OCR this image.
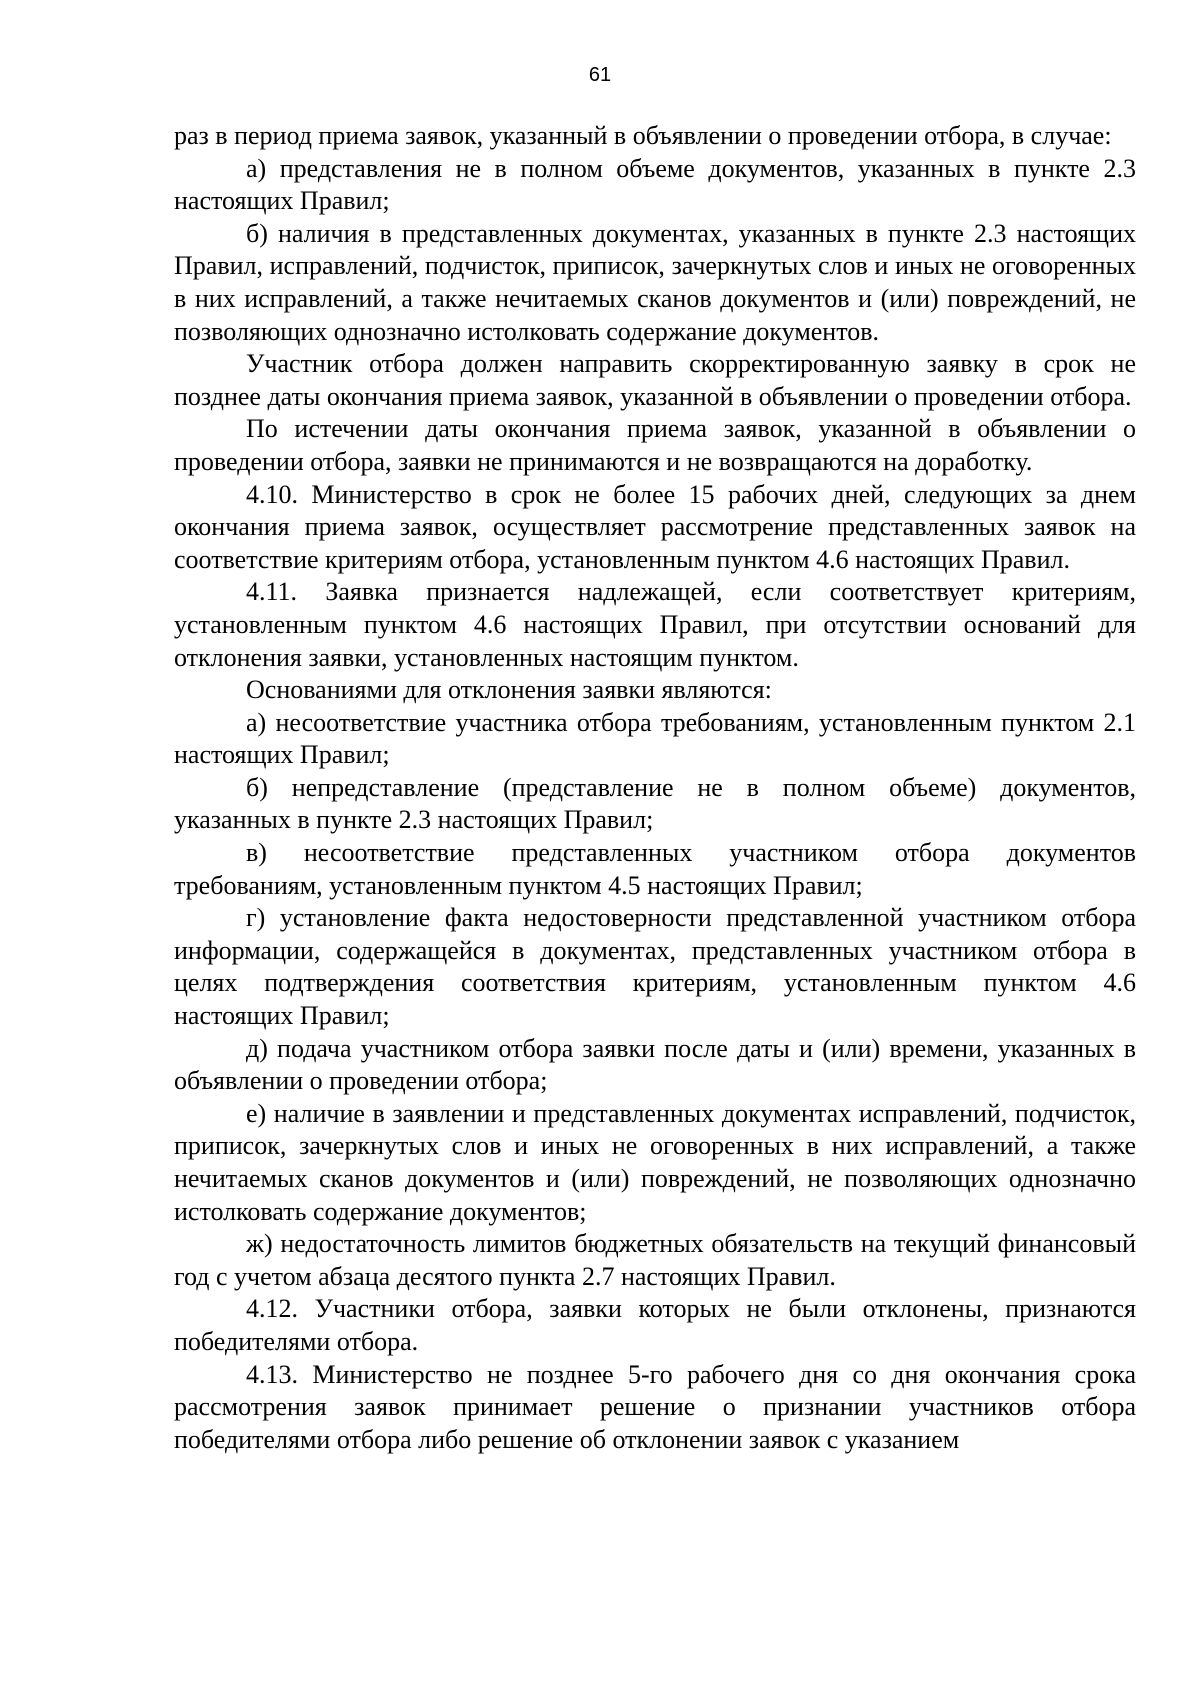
61

раз в период приема заявок, указанный в объявлении о проведении отбора, в случае:

а) представления не в полном объеме документов, указанных в пункте 2.3 настоящих Правил;

б) наличия в представленных документах, указанных в пункте 2.3 настоящих Правил, исправлений, подчисток, приписок, зачеркнутых слов и иных не оговоренных в них исправлений, а также нечитаемых сканов документов и (или) повреждений, не позволяющих однозначно истолковать содержание документов.

Участник отбора должен направить скорректированную заявку в срок не позднее даты окончания приема заявок, указанной в объявлении о проведении отбора.

По истечении даты окончания приема заявок, указанной в объявлении о проведении отбора, заявки не принимаются и не возвращаются на доработку.

4.10. Министерство в срок не более 15 рабочих дней, следующих за днем окончания приема заявок, осуществляет рассмотрение представленных заявок на соответствие критериям отбора, установленным пунктом 4.6 настоящих Правил.

4.11. Заявка признается надлежащей, если соответствует критериям, установленным пунктом 4.6 настоящих Правил, при отсутствии оснований для отклонения заявки, установленных настоящим пунктом.

Основаниями для отклонения заявки являются:

а) несоответствие участника отбора требованиям, установленным пунктом 2.1 настоящих Правил;

б) непредставление (представление не в полном объеме) документов, указанных в пункте 2.3 настоящих Правил;

в) несоответствие представленных участником отбора документов требованиям, установленным пунктом 4.5 настоящих Правил;

г) установление факта недостоверности представленной участником отбора информации, содержащейся в документах, представленных участником отбора в целях подтверждения соответствия критериям, установленным пунктом 4.6 настоящих Правил;

д) подача участником отбора заявки после даты и (или) времени, указанных в объявлении о проведении отбора;

е) наличие в заявлении и представленных документах исправлений, подчисток, приписок, зачеркнутых слов и иных не оговоренных в них исправлений, а также нечитаемых сканов документов и (или) повреждений, не позволяющих однозначно истолковать содержание документов;

ж) недостаточность лимитов бюджетных обязательств на текущий финансовый год с учетом абзаца десятого пункта 2.7 настоящих Правил.

4.12. Участники отбора, заявки которых не были отклонены, признаются победителями отбора.

4.13. Министерство не позднее 5-го рабочего дня со дня окончания срока рассмотрения заявок принимает решение о признании участников отбора победителями отбора либо решение об отклонении заявок с указанием
